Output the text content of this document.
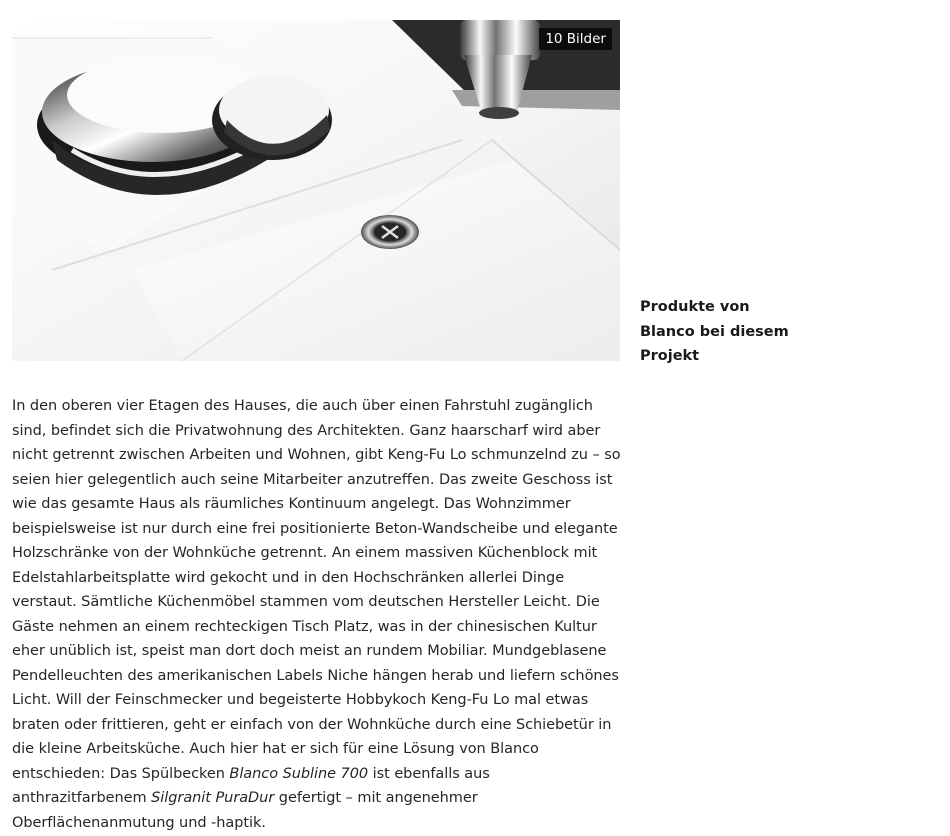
10 Bilder
Produkte von
Blanco bei diesem
Projekt

In den oberen vier Etagen des Hauses, die auch über einen Fahrstuhl zugänglich sind, befindet sich die Privatwohnung des Architekten. Ganz haarscharf wird aber nicht getrennt zwischen Arbeiten und Wohnen, gibt Keng-Fu Lo schmunzelnd zu – so seien hier gelegentlich auch seine Mitarbeiter anzutreffen. Das zweite Geschoss ist wie das gesamte Haus als räumliches Kontinuum angelegt. Das Wohnzimmer beispielsweise ist nur durch eine frei positionierte Beton-Wandscheibe und elegante Holzschränke von der Wohnküche getrennt. An einem massiven Küchenblock mit Edelstahlarbeitsplatte wird gekocht und in den Hochschränken allerlei Dinge verstaut. Sämtliche Küchenmöbel stammen vom deutschen Hersteller Leicht. Die Gäste nehmen an einem rechteckigen Tisch Platz, was in der chinesischen Kultur eher unüblich ist, speist man dort doch meist an rundem Mobiliar. Mundgeblasene Pendelleuchten des amerikanischen Labels Niche hängen herab und liefern schönes Licht. Will der Feinschmecker und begeisterte Hobbykoch Keng-Fu Lo mal etwas braten oder frittieren, geht er einfach von der Wohnküche durch eine Schiebetür in die kleine Arbeitsküche. Auch hier hat er sich für eine Lösung von Blanco entschieden: Das Spülbecken Blanco Subline 700 ist ebenfalls aus anthrazitfarbenem Silgranit PuraDur gefertigt – mit angenehmer Oberflächenanmutung und -haptik.
